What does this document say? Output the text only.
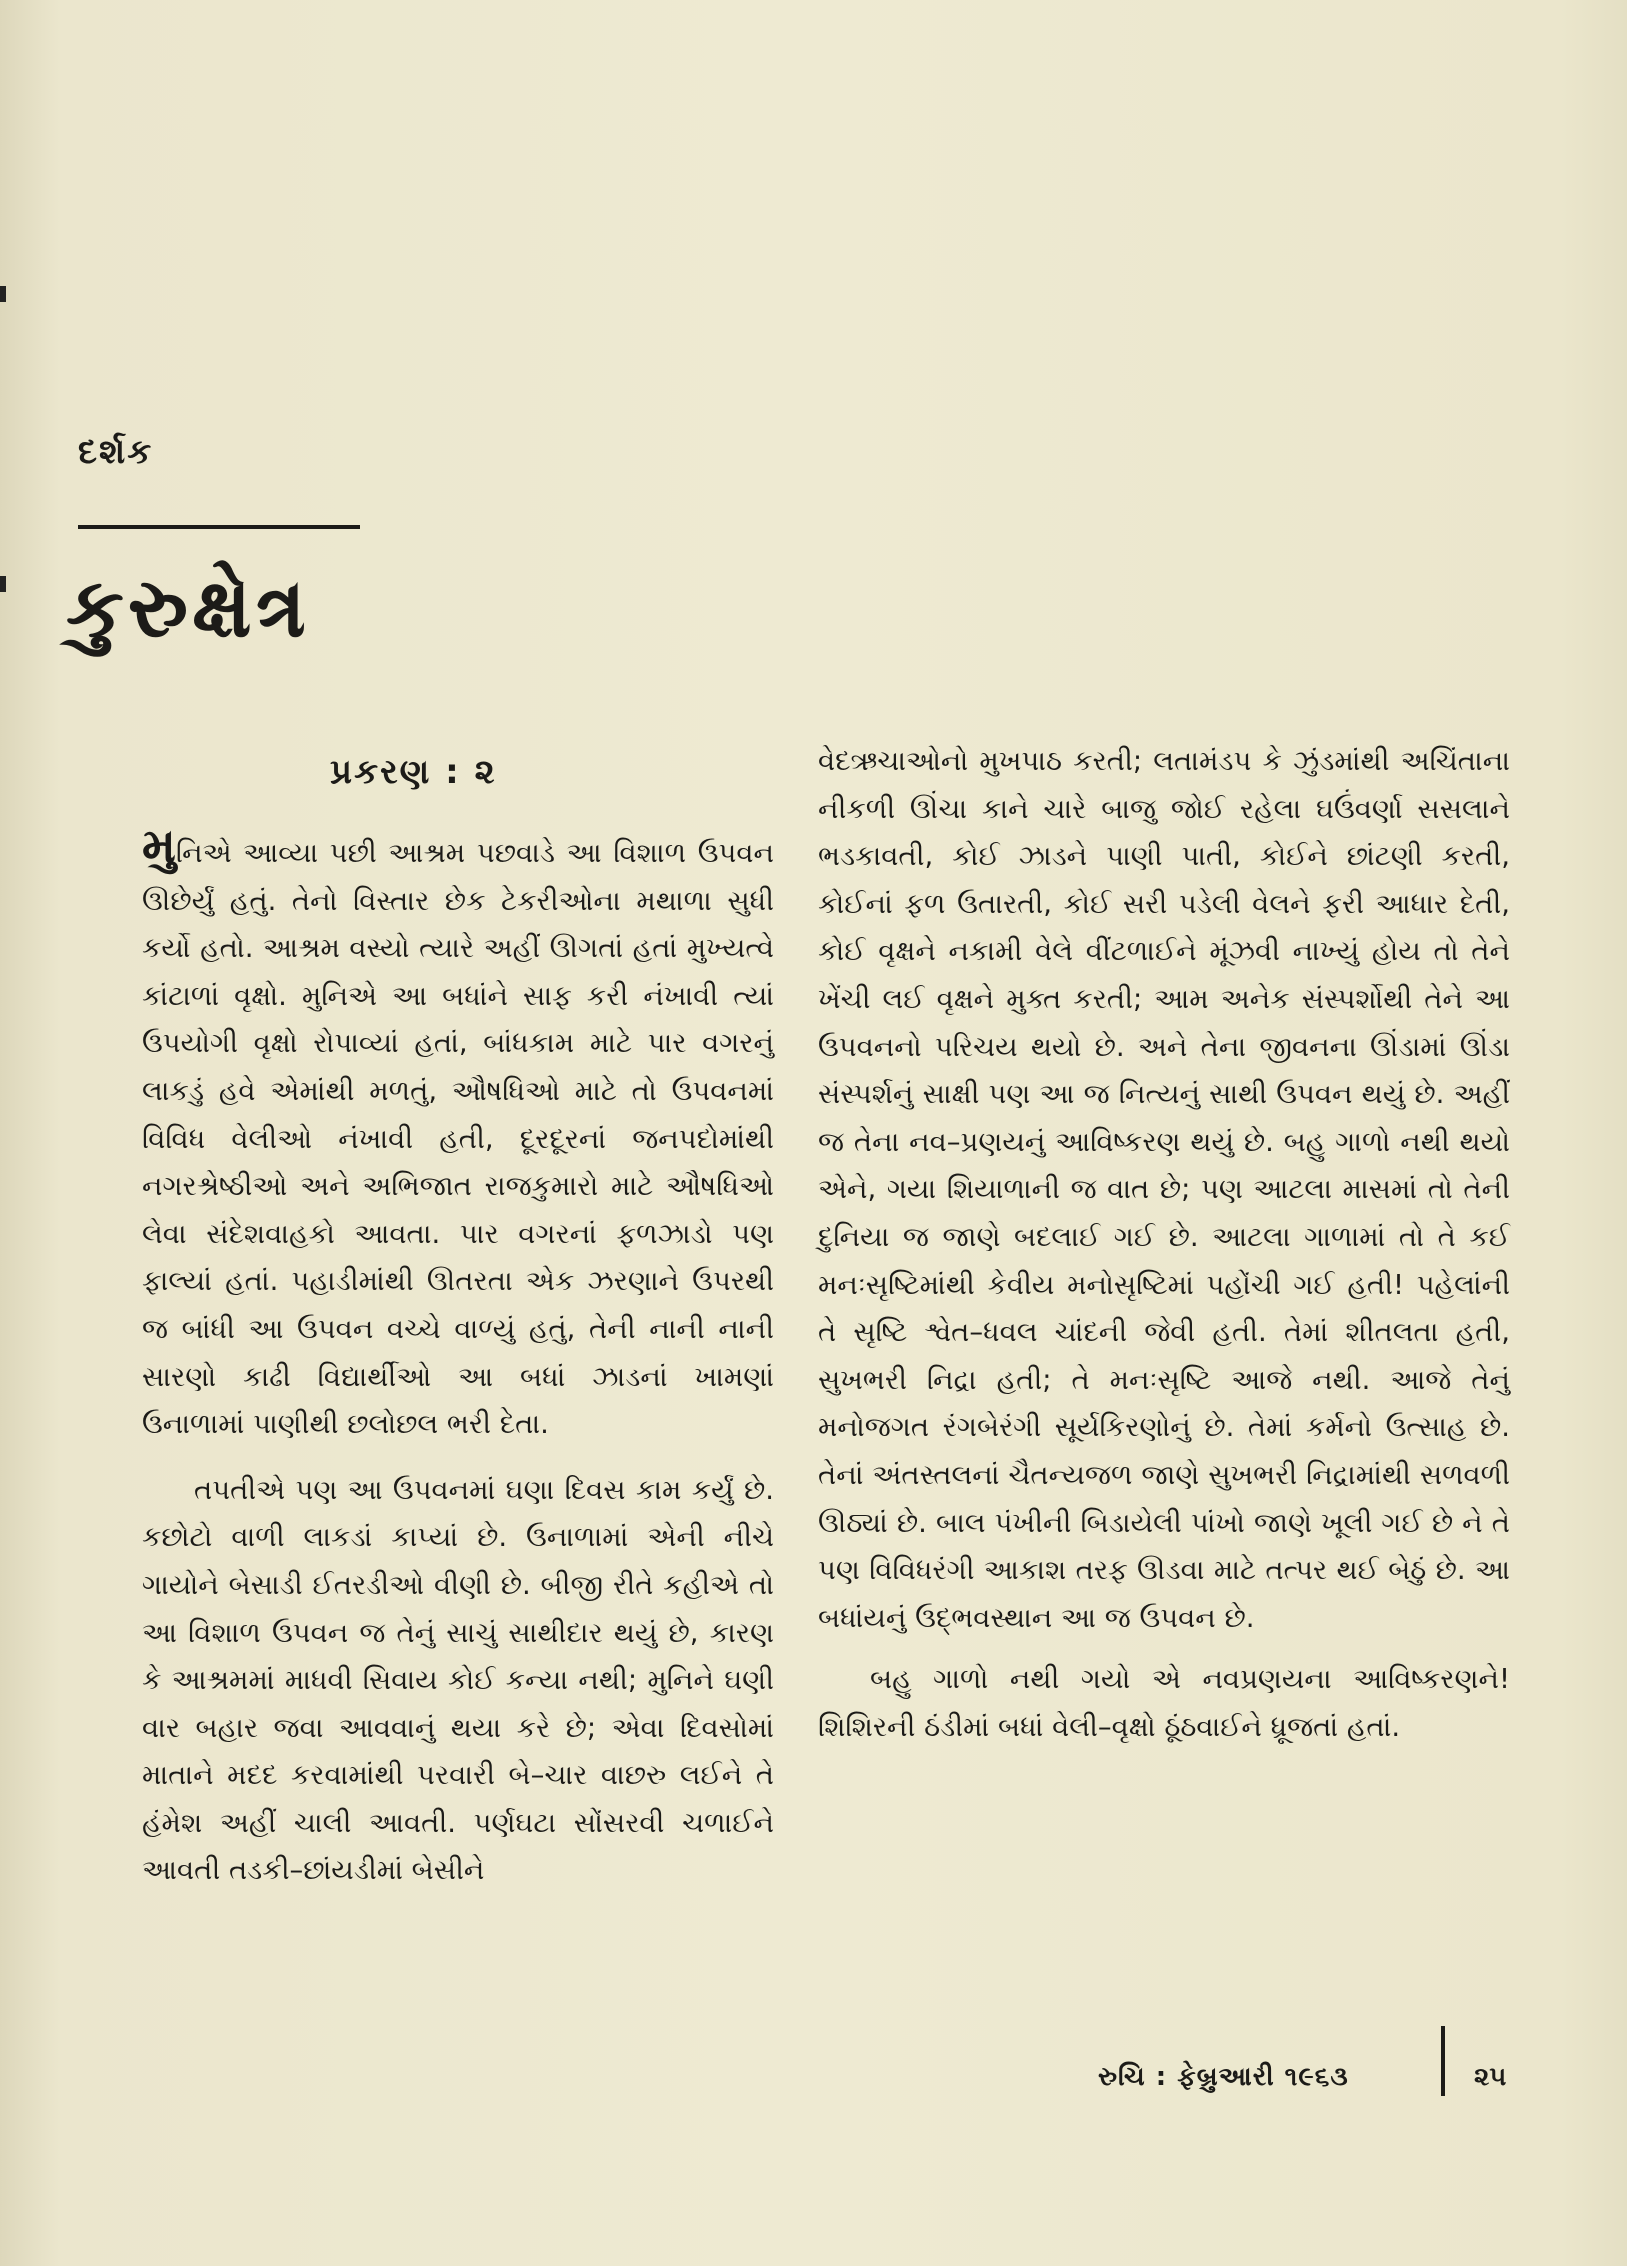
દર્શક
કુરુક્ષેત્ર
પ્રકરણ : ૨

મુનિએ આવ્યા પછી આશ્રમ પછવાડે આ વિશાળ ઉપવન ઊછેર્યું હતું. તેનો વિસ્તાર છેક ટેકરીઓના મથાળા સુધી કર્યો હતો. આશ્રમ વસ્યો ત્યારે અહીં ઊગતાં હતાં મુખ્યત્વે કાંટાળાં વૃક્ષો. મુનિએ આ બધાંને સાફ કરી નંખાવી ત્યાં ઉપયોગી વૃક્ષો રોપાવ્યાં હતાં, બાંધકામ માટે પાર વગરનું લાકડું હવે એમાંથી મળતું, ઔષધિઓ માટે તો ઉપવનમાં વિવિધ વેલીઓ નંખાવી હતી, દૂરદૂરનાં જનપદોમાંથી નગરશ્રેષ્ઠીઓ અને અભિજાત રાજકુમારો માટે ઔષધિઓ લેવા સંદેશવાહકો આવતા. પાર વગરનાં ફળઝાડો પણ ફાલ્યાં હતાં. પહાડીમાંથી ઊતરતા એક ઝરણાને ઉપરથી જ બાંધી આ ઉપવન વચ્ચે વાળ્યું હતું, તેની નાની નાની સારણો કાઢી વિદ્યાર્થીઓ આ બધાં ઝાડનાં ખામણાં ઉનાળામાં પાણીથી છલોછલ ભરી દેતા.

તપતીએ પણ આ ઉપવનમાં ઘણા દિવસ કામ કર્યું છે. કછોટો વાળી લાકડાં કાપ્યાં છે. ઉનાળામાં એની નીચે ગાયોને બેસાડી ઈતરડીઓ વીણી છે. બીજી રીતે કહીએ તો આ વિશાળ ઉપવન જ તેનું સાચું સાથીદાર થયું છે, કારણ કે આશ્રમમાં માધવી સિવાય કોઈ કન્યા નથી; મુનિને ઘણી વાર બહાર જવા આવવાનું થયા કરે છે; એવા દિવસોમાં માતાને મદદ કરવામાંથી પરવારી બે–ચાર વાછરુ લઈને તે હંમેશ અહીં ચાલી આવતી. પર્ણઘટા સોંસરવી ચળાઈને આવતી તડકી–છાંયડીમાં બેસીને

વેદઋચાઓનો મુખપાઠ કરતી; લતામંડપ કે ઝુંડમાંથી અચિંતાના નીકળી ઊંચા કાને ચારે બાજુ જોઈ રહેલા ઘઉંવર્ણા સસલાને ભડકાવતી, કોઈ ઝાડને પાણી પાતી, કોઈને છાંટણી કરતી, કોઈનાં ફળ ઉતારતી, કોઈ સરી પડેલી વેલને ફરી આધાર દેતી, કોઈ વૃક્ષને નકામી વેલે વીંટળાઈને મૂંઝવી નાખ્યું હોય તો તેને ખેંચી લઈ વૃક્ષને મુક્ત કરતી; આમ અનેક સંસ્પર્શોથી તેને આ ઉપવનનો પરિચય થયો છે. અને તેના જીવનના ઊંડામાં ઊંડા સંસ્પર્શનું સાક્ષી પણ આ જ નિત્યનું સાથી ઉપવન થયું છે. અહીં જ તેના નવ–પ્રણયનું આવિષ્કરણ થયું છે. બહુ ગાળો નથી થયો એને, ગયા શિયાળાની જ વાત છે; પણ આટલા માસમાં તો તેની દુનિયા જ જાણે બદલાઈ ગઈ છે. આટલા ગાળામાં તો તે કઈ મનઃસૃષ્ટિમાંથી કેવીય મનોસૃષ્ટિમાં પહોંચી ગઈ હતી! પહેલાંની તે સૃષ્ટિ શ્વેત–ધવલ ચાંદની જેવી હતી. તેમાં શીતલતા હતી, સુખભરી નિદ્રા હતી; તે મનઃસૃષ્ટિ આજે નથી. આજે તેનું મનોજગત રંગબેરંગી સૂર્યકિરણોનું છે. તેમાં કર્મનો ઉત્સાહ છે. તેનાં અંતસ્તલનાં ચૈતન્યજળ જાણે સુખભરી નિદ્રામાંથી સળવળી ઊઠ્યાં છે. બાલ પંખીની બિડાયેલી પાંખો જાણે ખૂલી ગઈ છે ને તે પણ વિવિધરંગી આકાશ તરફ ઊડવા માટે તત્પર થઈ બેઠું છે. આ બધાંયનું ઉદ્ભવસ્થાન આ જ ઉપવન છે.

બહુ ગાળો નથી ગયો એ નવપ્રણયના આવિષ્કરણને! શિશિરની ઠંડીમાં બધાં વેલી–વૃક્ષો ઠૂંઠવાઈને ધ્રૂજતાં હતાં.

રુચિ : ફેબ્રુઆરી ૧૯૬૩	૨૫
